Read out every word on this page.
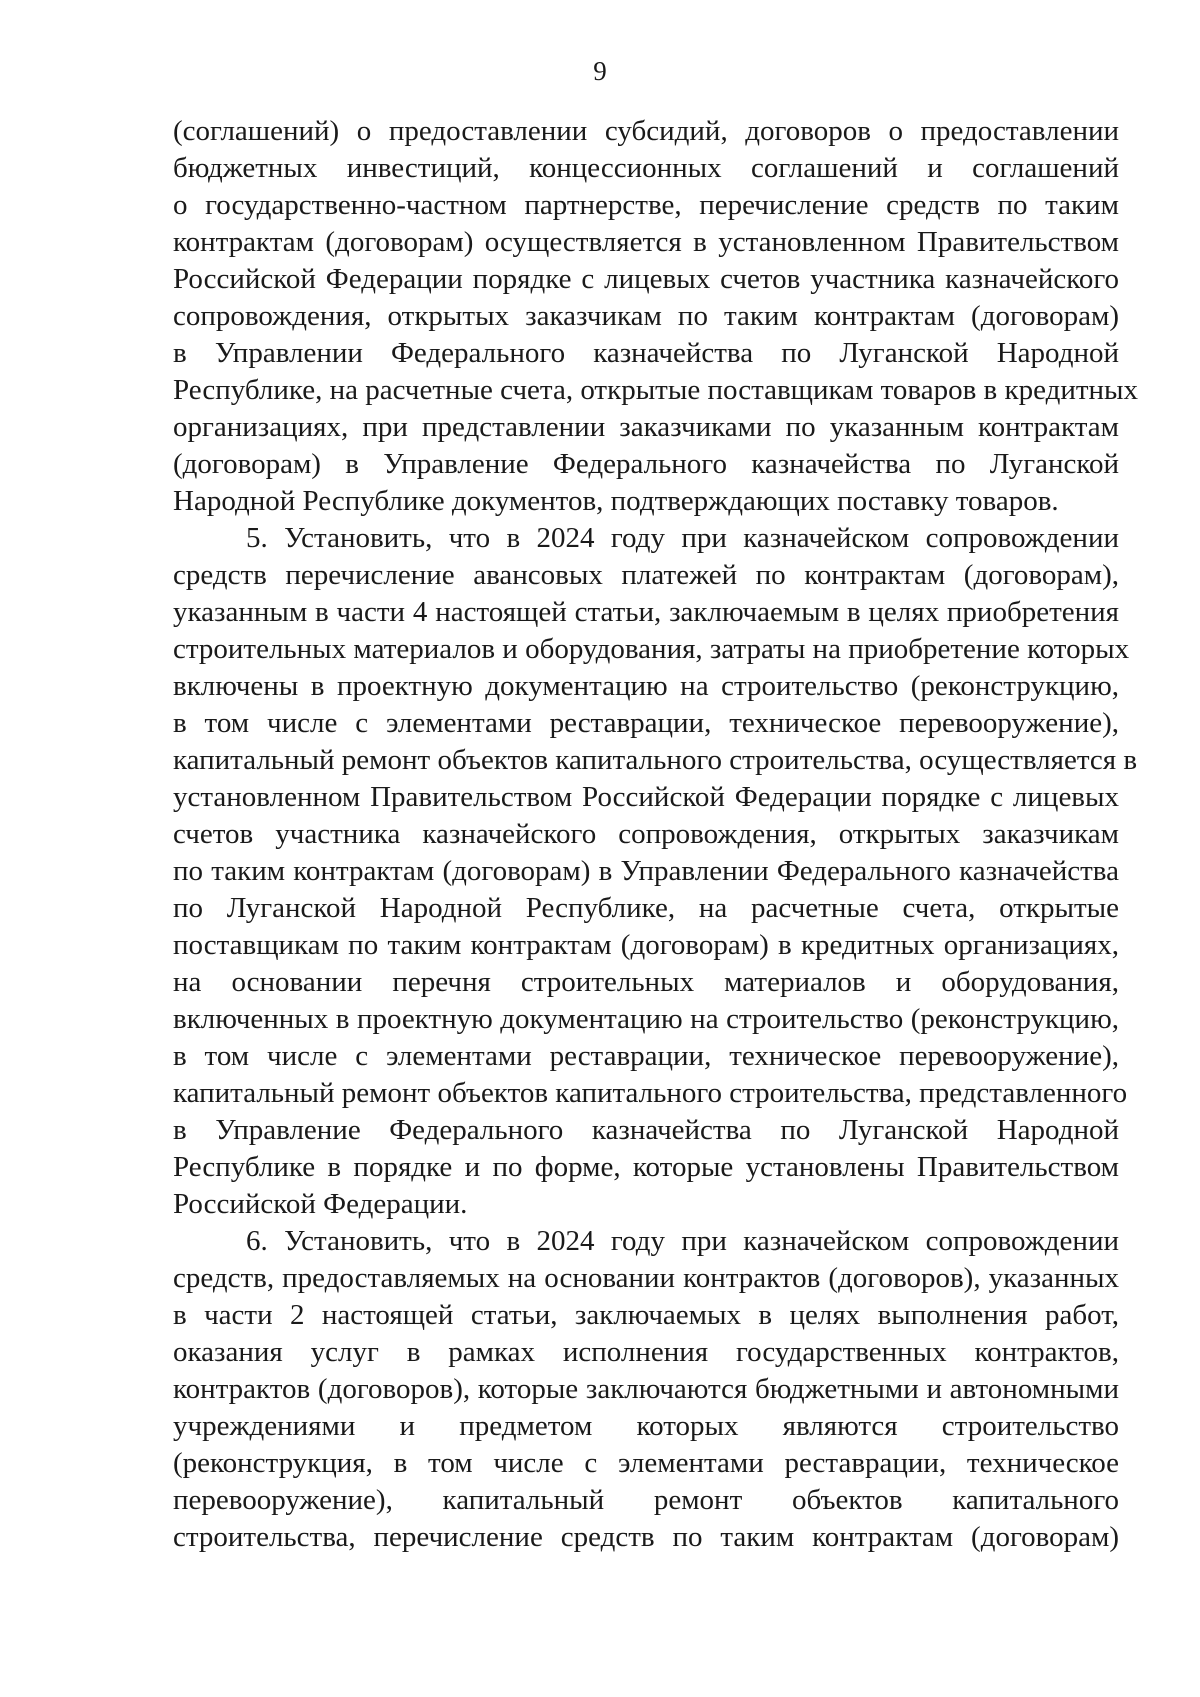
9
(соглашений) о предоставлении субсидий, договоров о предоставлении
бюджетных инвестиций, концессионных соглашений и соглашений
о государственно-частном партнерстве, перечисление средств по таким
контрактам (договорам) осуществляется в установленном Правительством
Российской Федерации порядке с лицевых счетов участника казначейского
сопровождения, открытых заказчикам по таким контрактам (договорам)
в Управлении Федерального казначейства по Луганской Народной
Республике, на расчетные счета, открытые поставщикам товаров в кредитных
организациях, при представлении заказчиками по указанным контрактам
(договорам) в Управление Федерального казначейства по Луганской
Народной Республике документов, подтверждающих поставку товаров.
5. Установить, что в 2024 году при казначейском сопровождении
средств перечисление авансовых платежей по контрактам (договорам),
указанным в части 4 настоящей статьи, заключаемым в целях приобретения
строительных материалов и оборудования, затраты на приобретение которых
включены в проектную документацию на строительство (реконструкцию,
в том числе с элементами реставрации, техническое перевооружение),
капитальный ремонт объектов капитального строительства, осуществляется в
установленном Правительством Российской Федерации порядке с лицевых
счетов участника казначейского сопровождения, открытых заказчикам
по таким контрактам (договорам) в Управлении Федерального казначейства
по Луганской Народной Республике, на расчетные счета, открытые
поставщикам по таким контрактам (договорам) в кредитных организациях,
на основании перечня строительных материалов и оборудования,
включенных в проектную документацию на строительство (реконструкцию,
в том числе с элементами реставрации, техническое перевооружение),
капитальный ремонт объектов капитального строительства, представленного
в Управление Федерального казначейства по Луганской Народной
Республике в порядке и по форме, которые установлены Правительством
Российской Федерации.
6. Установить, что в 2024 году при казначейском сопровождении
средств, предоставляемых на основании контрактов (договоров), указанных
в части 2 настоящей статьи, заключаемых в целях выполнения работ,
оказания услуг в рамках исполнения государственных контрактов,
контрактов (договоров), которые заключаются бюджетными и автономными
учреждениями и предметом которых являются строительство
(реконструкция, в том числе с элементами реставрации, техническое
перевооружение), капитальный ремонт объектов капитального
строительства, перечисление средств по таким контрактам (договорам)
